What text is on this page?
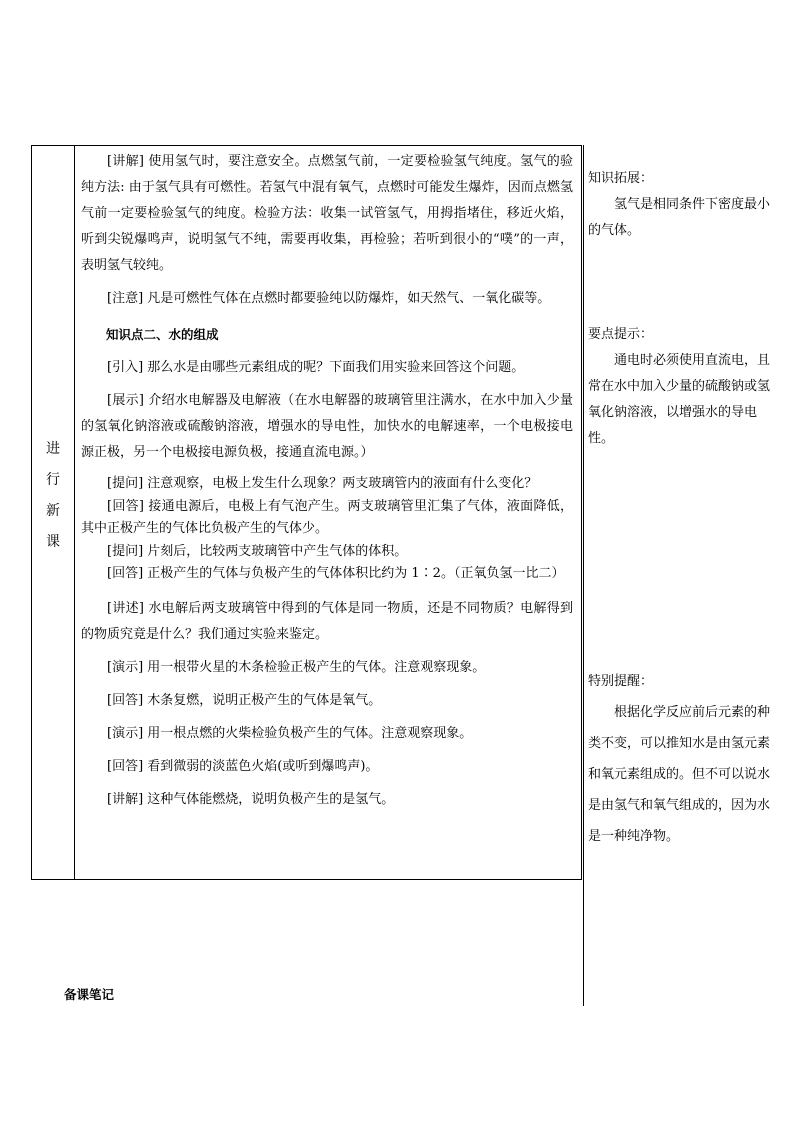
进
行
新
课

[讲解] 使用氢气时，要注意安全。点燃氢气前，一定要检验氢气纯度。氢气的验纯方法: 由于氢气具有可燃性。若氢气中混有氧气，点燃时可能发生爆炸，因而点燃氢气前一定要检验氢气的纯度。检验方法：收集一试管氢气，用拇指堵住，移近火焰，听到尖锐爆鸣声，说明氢气不纯，需要再收集，再检验；若听到很小的“噗”的一声，表明氢气较纯。

[注意] 凡是可燃性气体在点燃时都要验纯以防爆炸，如天然气、一氧化碳等。

知识点二、水的组成

[引入] 那么水是由哪些元素组成的呢？下面我们用实验来回答这个问题。

[展示] 介绍水电解器及电解液（在水电解器的玻璃管里注满水，在水中加入少量的氢氧化钠溶液或硫酸钠溶液，增强水的导电性，加快水的电解速率，一个电极接电源正极，另一个电极接电源负极，接通直流电源。）

[提问] 注意观察，电极上发生什么现象？两支玻璃管内的液面有什么变化？

[回答] 接通电源后，电极上有气泡产生。两支玻璃管里汇集了气体，液面降低，其中正极产生的气体比负极产生的气体少。

[提问] 片刻后，比较两支玻璃管中产生气体的体积。

[回答] 正极产生的气体与负极产生的气体体积比约为 1∶2。（正氧负氢一比二）

[讲述] 水电解后两支玻璃管中得到的气体是同一物质，还是不同物质？电解得到的物质究竟是什么？我们通过实验来鉴定。

[演示] 用一根带火星的木条检验正极产生的气体。注意观察现象。

[回答] 木条复燃，说明正极产生的气体是氧气。

[演示] 用一根点燃的火柴检验负极产生的气体。注意观察现象。

[回答] 看到微弱的淡蓝色火焰(或听到爆鸣声)。

[讲解] 这种气体能燃烧，说明负极产生的是氢气。

知识拓展：

氢气是相同条件下密度最小的气体。

要点提示：

通电时必须使用直流电，且常在水中加入少量的硫酸钠或氢氧化钠溶液，以增强水的导电性。

特别提醒：

根据化学反应前后元素的种类不变，可以推知水是由氢元素和氧元素组成的。但不可以说水是由氢气和氧气组成的，因为水是一种纯净物。

备课笔记
